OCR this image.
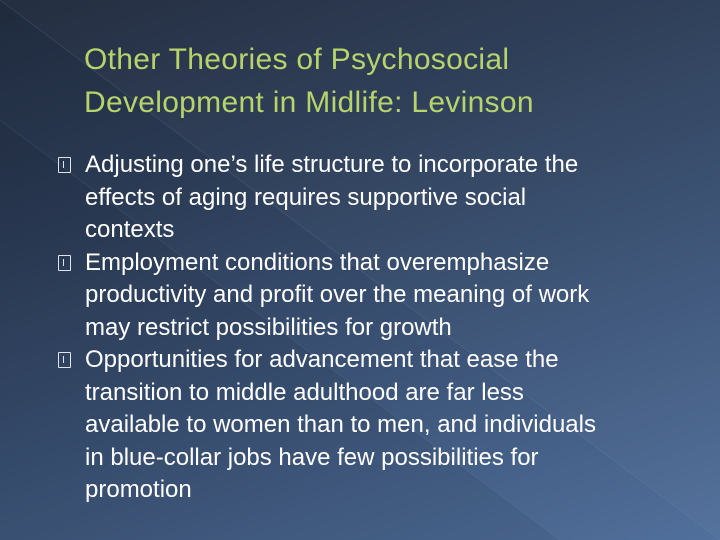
Other Theories of Psychosocial
Development in Midlife: Levinson
Adjusting one’s life structure to incorporate the
effects of aging requires supportive social
contexts
Employment conditions that overemphasize
productivity and profit over the meaning of work
may restrict possibilities for growth
Opportunities for advancement that ease the
transition to middle adulthood are far less
available to women than to men, and individuals
in blue-collar jobs have few possibilities for
promotion
